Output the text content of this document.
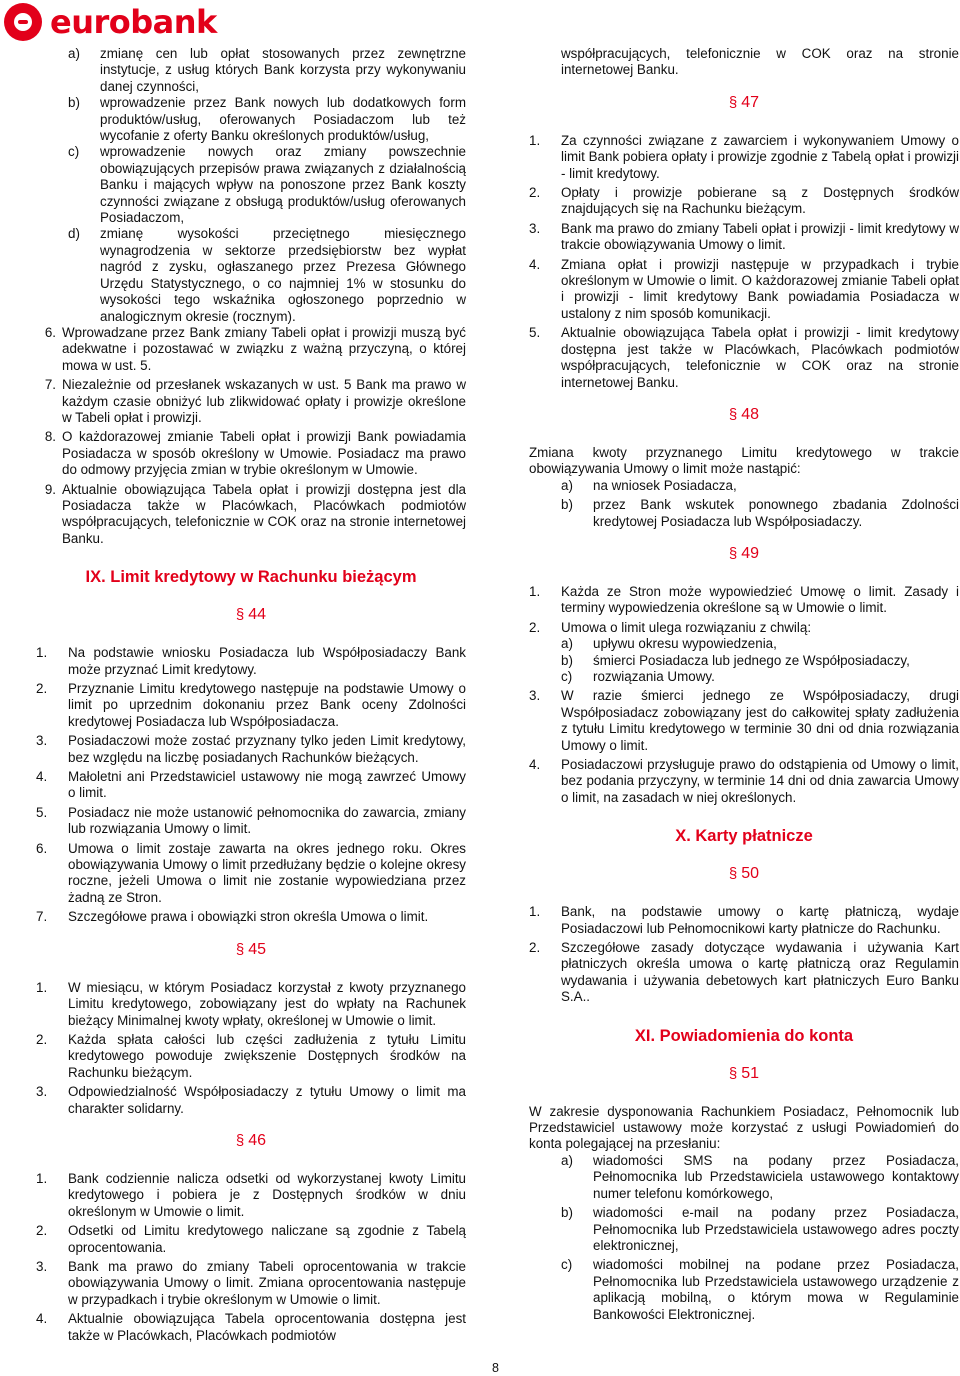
eurobank
a)	zmianę cen lub opłat stosowanych przez zewnętrzne instytucje, z usług których Bank korzysta przy wykonywaniu danej czynności,
b)	wprowadzenie przez Bank nowych lub dodatkowych form produktów/usług, oferowanych Posiadaczom lub też wycofanie z oferty Banku określonych produktów/usług,
c)	wprowadzenie nowych oraz zmiany powszechnie obowiązujących przepisów prawa związanych z działalnością Banku i mających wpływ na ponoszone przez Bank koszty czynności związane z obsługą produktów/usług oferowanych Posiadaczom,
d)	zmianę wysokości przeciętnego miesięcznego wynagrodzenia w sektorze przedsiębiorstw bez wypłat nagród z zysku, ogłaszanego przez Prezesa Głównego Urzędu Statystycznego, o co najmniej 1% w stosunku do wysokości tego wskaźnika ogłoszonego poprzednio w analogicznym okresie (rocznym).
6. Wprowadzane przez Bank zmiany Tabeli opłat i prowizji muszą być adekwatne i pozostawać w związku z ważną przyczyną, o której mowa w ust. 5.
7. Niezależnie od przesłanek wskazanych w ust. 5 Bank ma prawo w każdym czasie obniżyć lub zlikwidować opłaty i prowizje określone w Tabeli opłat i prowizji.
8. O każdorazowej zmianie Tabeli opłat i prowizji Bank powiadamia Posiadacza w sposób określony w Umowie. Posiadacz ma prawo do odmowy przyjęcia zmian w trybie określonym w Umowie.
9. Aktualnie obowiązująca Tabela opłat i prowizji dostępna jest dla Posiadacza także w Placówkach, Placówkach podmiotów współpracujących, telefonicznie w COK oraz na stronie internetowej Banku.
IX. Limit kredytowy w Rachunku bieżącym
§ 44
1.	Na podstawie wniosku Posiadacza lub Współposiadaczy Bank może przyznać Limit kredytowy.
2.	Przyznanie Limitu kredytowego następuje na podstawie Umowy o limit po uprzednim dokonaniu przez Bank oceny Zdolności kredytowej Posiadacza lub Współposiadacza.
3.	Posiadaczowi może zostać przyznany tylko jeden Limit kredytowy, bez względu na liczbę posiadanych Rachunków bieżących.
4.	Małoletni ani Przedstawiciel ustawowy nie mogą zawrzeć Umowy o limit.
5.	Posiadacz nie może ustanowić pełnomocnika do zawarcia, zmiany lub rozwiązania Umowy o limit.
6.	Umowa o limit zostaje zawarta na okres jednego roku. Okres obowiązywania Umowy o limit przedłużany będzie o kolejne okresy roczne, jeżeli Umowa o limit nie zostanie wypowiedziana przez żadną ze Stron.
7.	Szczegółowe prawa i obowiązki stron określa Umowa o limit.
§ 45
1.	W miesiącu, w którym Posiadacz korzystał z kwoty przyznanego Limitu kredytowego, zobowiązany jest do wpłaty na Rachunek bieżący Minimalnej kwoty wpłaty, określonej w Umowie o limit.
2.	Każda spłata całości lub części zadłużenia z tytułu Limitu kredytowego powoduje zwiększenie Dostępnych środków na Rachunku bieżącym.
3.	Odpowiedzialność Współposiadaczy z tytułu Umowy o limit ma charakter solidarny.
§ 46
1.	Bank codziennie nalicza odsetki od wykorzystanej kwoty Limitu kredytowego i pobiera je z Dostępnych środków w dniu określonym w Umowie o limit.
2.	Odsetki od Limitu kredytowego naliczane są zgodnie z Tabelą oprocentowania.
3.	Bank ma prawo do zmiany Tabeli oprocentowania w trakcie obowiązywania Umowy o limit. Zmiana oprocentowania następuje w przypadkach i trybie określonym w Umowie o limit.
4.	Aktualnie obowiązująca Tabela oprocentowania dostępna jest także w Placówkach, Placówkach podmiotów

współpracujących, telefonicznie w COK oraz na stronie internetowej Banku.

§ 47
1.	Za czynności związane z zawarciem i wykonywaniem Umowy o limit Bank pobiera opłaty i prowizje zgodnie z Tabelą opłat i prowizji - limit kredytowy.
2.	Opłaty i prowizje pobierane są z Dostępnych środków znajdujących się na Rachunku bieżącym.
3.	Bank ma prawo do zmiany Tabeli opłat i prowizji - limit kredytowy w trakcie obowiązywania Umowy o limit.
4.	Zmiana opłat i prowizji następuje w przypadkach i trybie określonym w Umowie o limit. O każdorazowej zmianie Tabeli opłat i prowizji - limit kredytowy Bank powiadamia Posiadacza w ustalony z nim sposób komunikacji.
5.	Aktualnie obowiązująca Tabela opłat i prowizji - limit kredytowy dostępna jest także w Placówkach, Placówkach podmiotów współpracujących, telefonicznie w COK oraz na stronie internetowej Banku.
§ 48

Zmiana kwoty przyznanego Limitu kredytowego w trakcie obowiązywania Umowy o limit może nastąpić:

a)	na wniosek Posiadacza,
b)	przez Bank wskutek ponownego zbadania Zdolności kredytowej Posiadacza lub Współposiadaczy.
§ 49
1.	Każda ze Stron może wypowiedzieć Umowę o limit. Zasady i terminy wypowiedzenia określone są w Umowie o limit.
2.	Umowa o limit ulega rozwiązaniu z chwilą:
a)	upływu okresu wypowiedzenia,
b)	śmierci Posiadacza lub jednego ze Współposiadaczy,
c)	rozwiązania Umowy.
3.	W razie śmierci jednego ze Współposiadaczy, drugi Współposiadacz zobowiązany jest do całkowitej spłaty zadłużenia z tytułu Limitu kredytowego w terminie 30 dni od dnia rozwiązania Umowy o limit.
4.	Posiadaczowi przysługuje prawo do odstąpienia od Umowy o limit, bez podania przyczyny, w terminie 14 dni od dnia zawarcia Umowy o limit, na zasadach w niej określonych.
X. Karty płatnicze
§ 50
1.	Bank, na podstawie umowy o kartę płatniczą, wydaje Posiadaczowi lub Pełnomocnikowi karty płatnicze do Rachunku.
2.	Szczegółowe zasady dotyczące wydawania i używania Kart płatniczych określa umowa o kartę płatniczą oraz Regulamin wydawania i używania debetowych kart płatniczych Euro Banku S.A..
XI. Powiadomienia do konta
§ 51

W zakresie dysponowania Rachunkiem Posiadacz, Pełnomocnik lub Przedstawiciel ustawowy może korzystać z usługi Powiadomień do konta polegającej na przesłaniu:

a)	wiadomości SMS na podany przez Posiadacza, Pełnomocnika lub Przedstawiciela ustawowego kontaktowy numer telefonu komórkowego,
b)	wiadomości e-mail na podany przez Posiadacza, Pełnomocnika lub Przedstawiciela ustawowego adres poczty elektronicznej,
c)	wiadomości mobilnej na podane przez Posiadacza, Pełnomocnika lub Przedstawiciela ustawowego urządzenie z aplikacją mobilną, o którym mowa w Regulaminie Bankowości Elektronicznej.
8
